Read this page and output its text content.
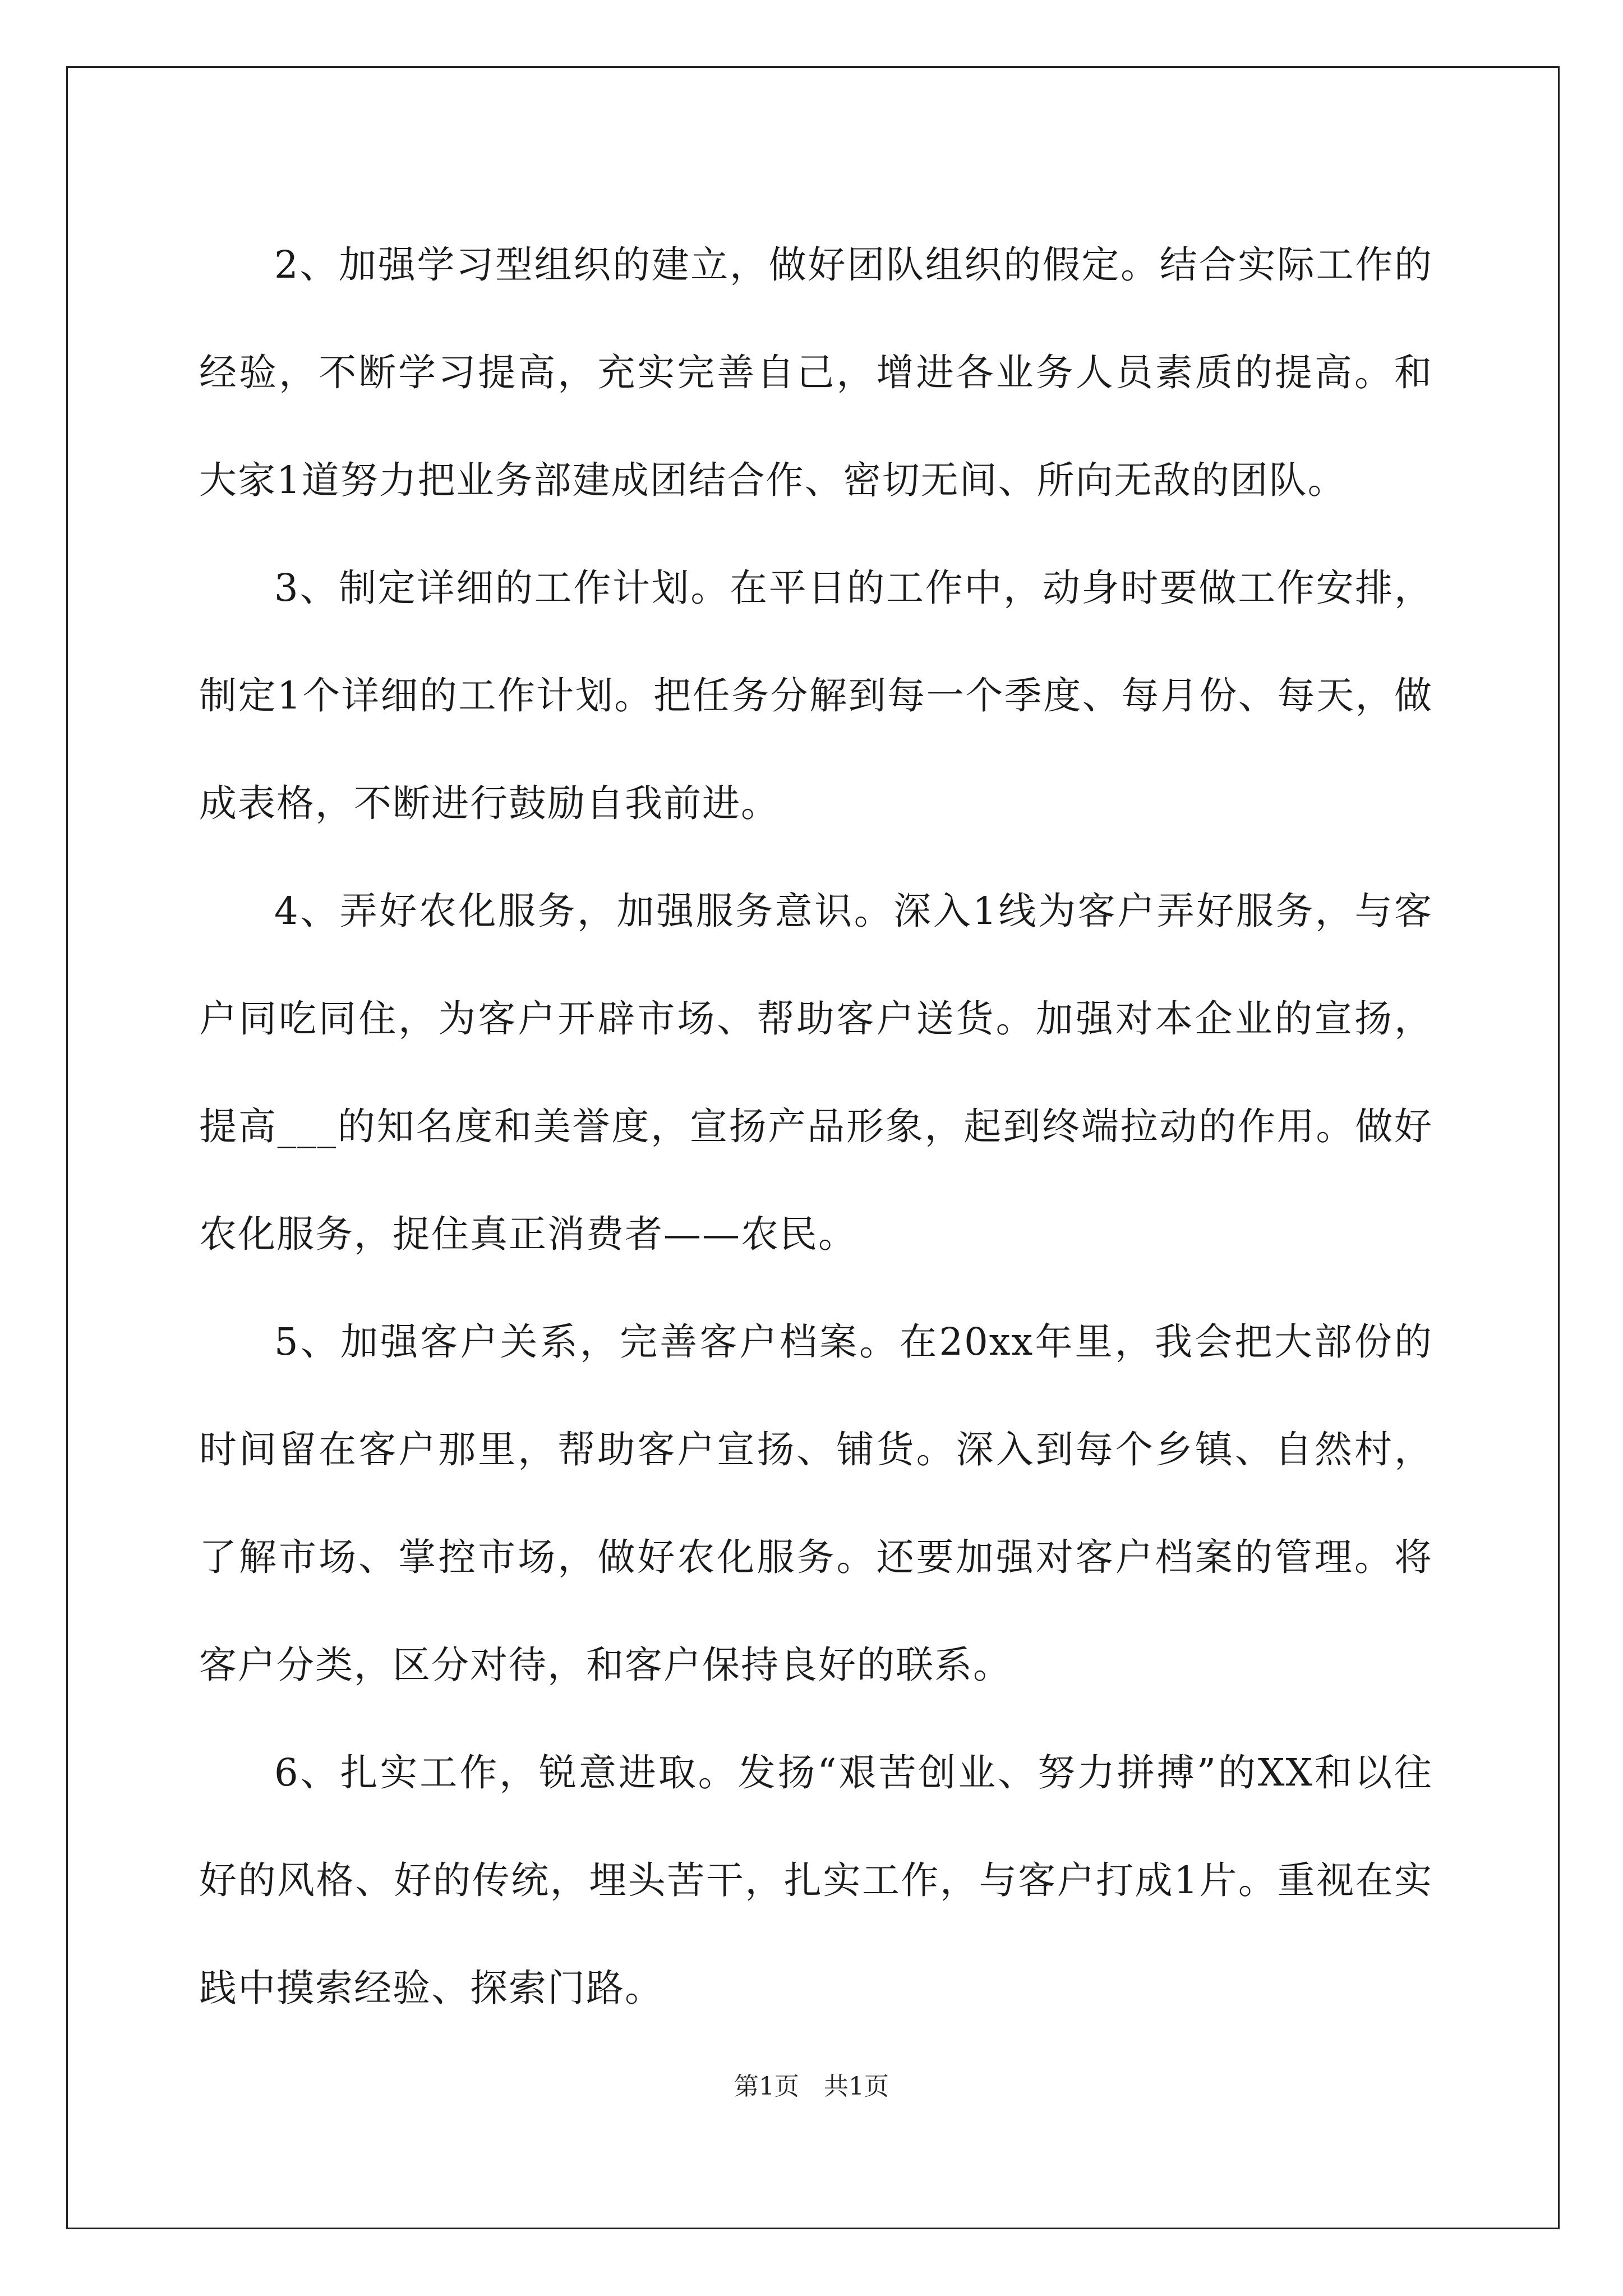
2、加强学习型组织的建立，做好团队组织的假定。结合实际工作的经验，不断学习提高，充实完善自己，增进各业务人员素质的提高。和大家1道努力把业务部建成团结合作、密切无间、所向无敌的团队。

3、制定详细的工作计划。在平日的工作中，动身时要做工作安排，制定1个详细的工作计划。把任务分解到每一个季度、每月份、每天，做成表格，不断进行鼓励自我前进。

4、弄好农化服务，加强服务意识。深入1线为客户弄好服务，与客户同吃同住，为客户开辟市场、帮助客户送货。加强对本企业的宣扬，提高___的知名度和美誉度，宣扬产品形象，起到终端拉动的作用。做好农化服务，捉住真正消费者——农民。

5、加强客户关系，完善客户档案。在20xx年里，我会把大部份的时间留在客户那里，帮助客户宣扬、铺货。深入到每个乡镇、自然村，了解市场、掌控市场，做好农化服务。还要加强对客户档案的管理。将客户分类，区分对待，和客户保持良好的联系。

6、扎实工作，锐意进取。发扬“艰苦创业、努力拼搏”的XX和以往好的风格、好的传统，埋头苦干，扎实工作，与客户打成1片。重视在实践中摸索经验、探索门路。

第1页　共1页
